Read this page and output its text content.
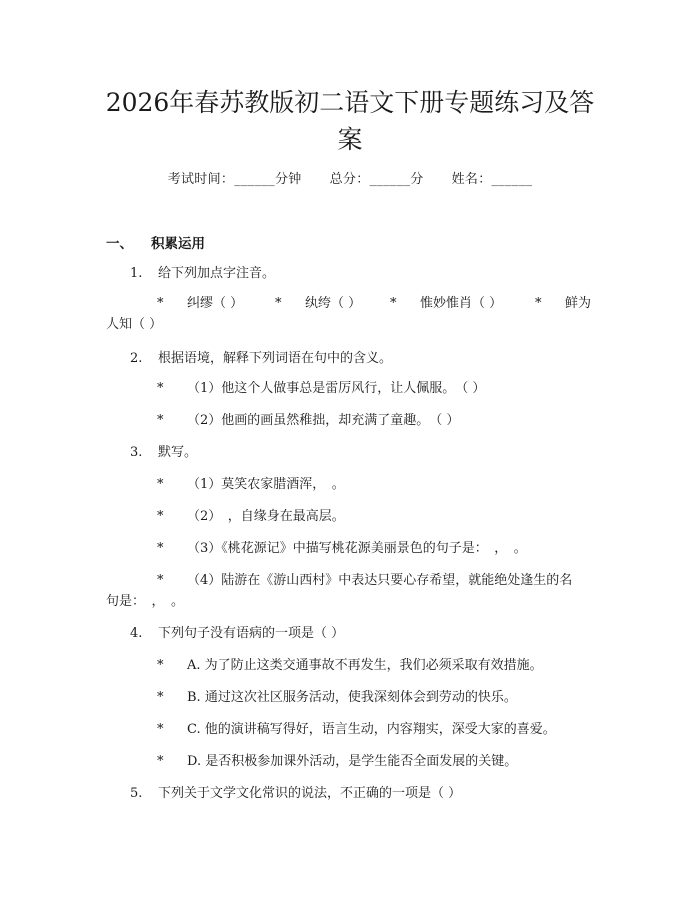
2026年春苏教版初二语文下册专题练习及答案
考试时间：______分钟 总分：______分 姓名：______
一、 积累运用
1. 给下列加点字注音。
* 纠缪（ ） * 纨绔（ ） * 惟妙惟肖（ ）	* 鲜为
人知（ ）
2. 根据语境，解释下列词语在句中的含义。
* （1）他这个人做事总是雷厉风行，让人佩服。　（ ）
* （2）他画的画虽然稚拙，却充满了童趣。　（ ）
3. 默写。
* （1）莫笑农家腊酒浑，　。
* （2）　，自缘身在最高层。
* （3）《桃花源记》中描写桃花源美丽景色的句子是：　，　。
* （4）陆游在《游山西村》中表达只要心存希望，就能绝处逢生的名
句是：　，　。
4. 下列句子没有语病的一项是（ ）
* A. 为了防止这类交通事故不再发生，我们必须采取有效措施。
* B. 通过这次社区服务活动，使我深刻体会到劳动的快乐。
* C. 他的演讲稿写得好，语言生动，内容翔实，深受大家的喜爱。
* D. 是否积极参加课外活动，是学生能否全面发展的关键。
5. 下列关于文学文化常识的说法，不正确的一项是（ ）
